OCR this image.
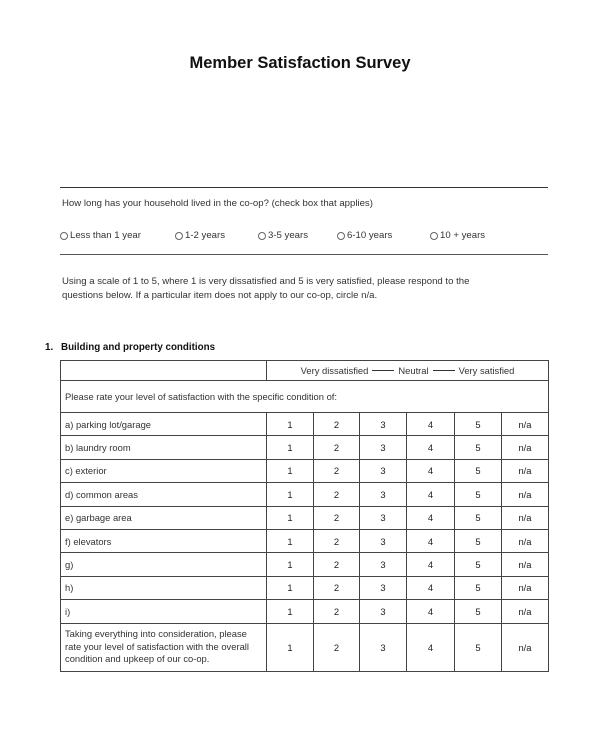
Member Satisfaction Survey
How long has your household lived in the co-op? (check box that applies)
Less than 1 year	1-2 years	3-5 years	6-10 years	10 + years
Using a scale of 1 to 5, where 1 is very dissatisfied and 5 is very satisfied, please respond to the questions below. If a particular item does not apply to our co-op, circle n/a.
1. Building and property conditions

	Very dissatisfied Neutral Very satisfied					

Please rate your level of satisfaction with the specific condition of:						
a) parking lot/garage	1	2	3	4	5	n/a
b) laundry room	1	2	3	4	5	n/a
c) exterior	1	2	3	4	5	n/a
d) common areas	1	2	3	4	5	n/a
e) garbage area	1	2	3	4	5	n/a
f) elevators	1	2	3	4	5	n/a
g)	1	2	3	4	5	n/a
h)	1	2	3	4	5	n/a
i)	1	2	3	4	5	n/a
Taking everything into consideration, please rate your level of satisfaction with the overall condition and upkeep of our co-op.	1	2	3	4	5	n/a
